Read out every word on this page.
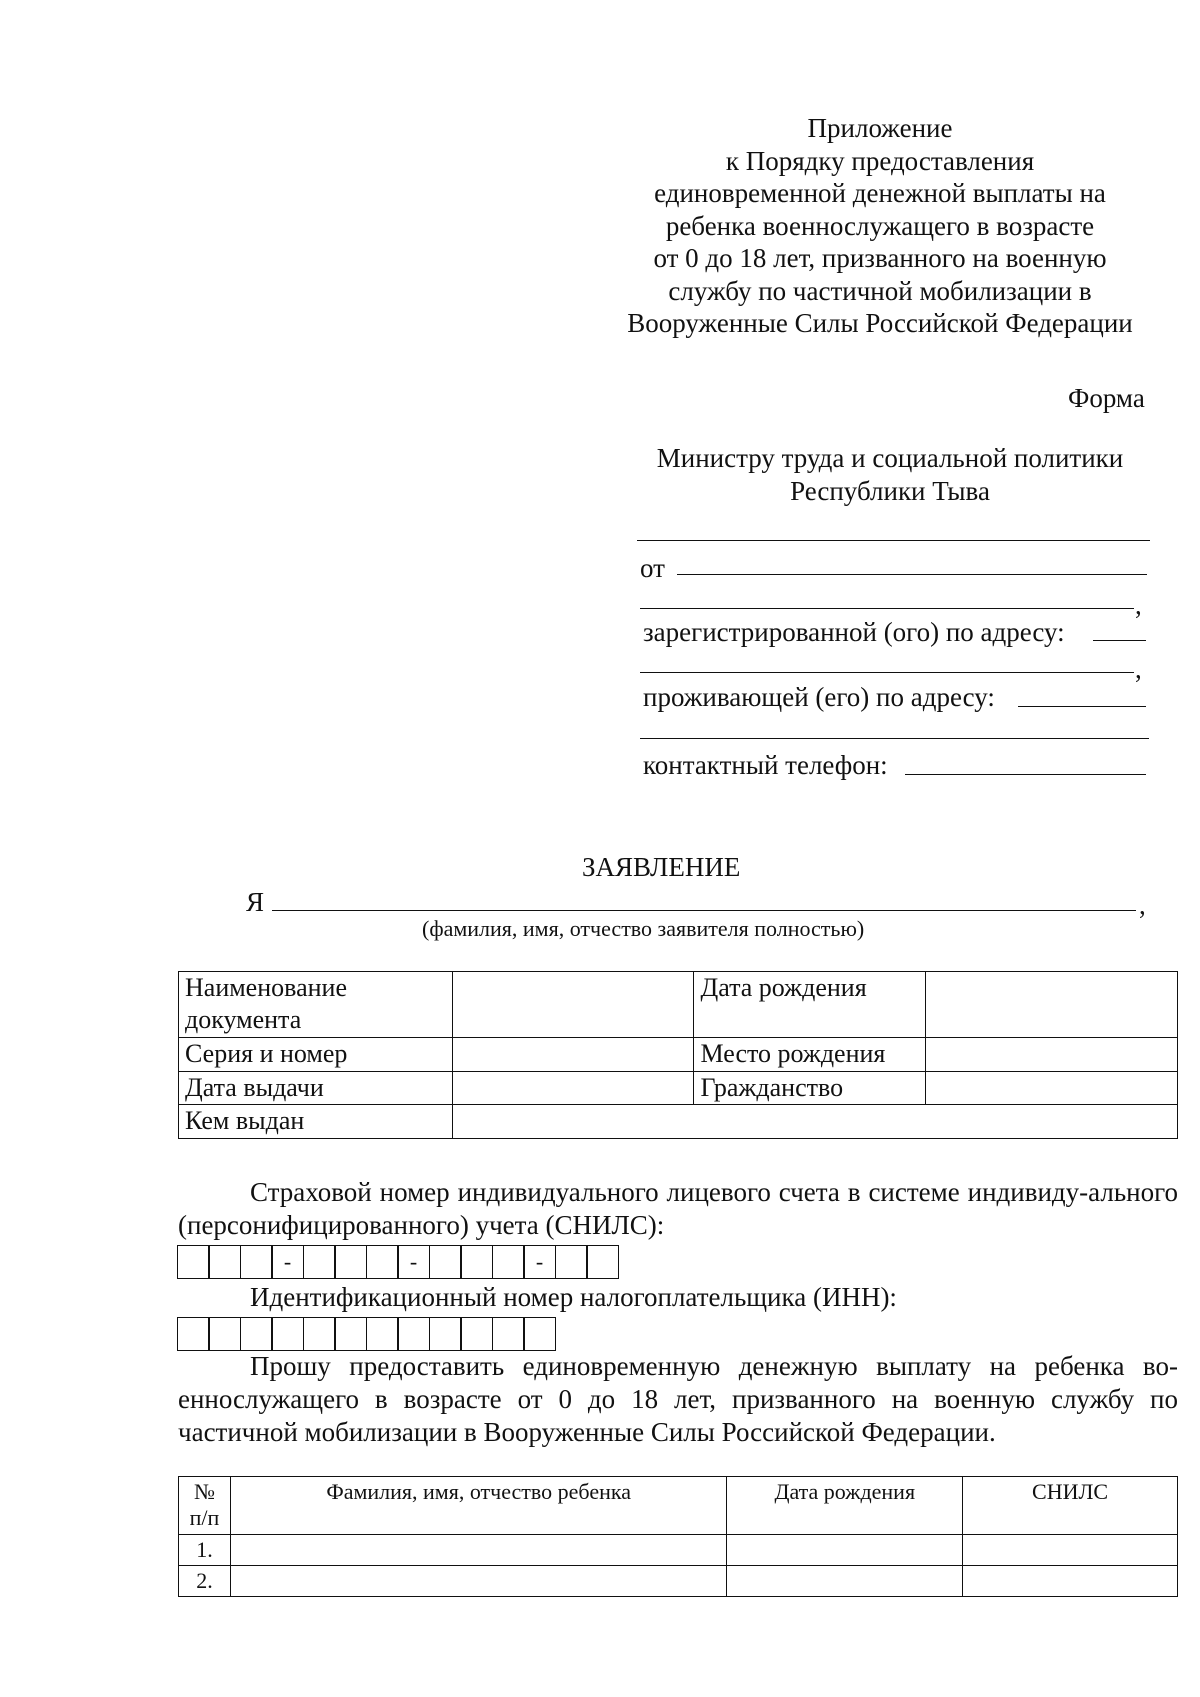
Приложение
к Порядку предоставления
единовременной денежной выплаты на
ребенка военнослужащего в возрасте
от 0 до 18 лет, призванного на военную
службу по частичной мобилизации в
Вооруженные Силы Российской Федерации
Форма
Министру труда и социальной политики
Республики Тыва
от
,
зарегистрированной (ого) по адресу:
,
проживающей (его) по адресу:
контактный телефон:
ЗАЯВЛЕНИЕ
Я	,
(фамилия, имя, отчество заявителя полностью)
Наименование документа		Дата рождения	
Серия и номер		Место рождения	
Дата выдачи		Гражданство	
Кем выдан			
Страховой номер индивидуального лицевого счета в системе индивиду-ального (персонифицированного) учета (СНИЛС):
-	-	-
Идентификационный номер налогоплательщика (ИНН):
Прошу предоставить единовременную денежную выплату на ребенка во-еннослужащего в возрасте от 0 до 18 лет, призванного на военную службу по частичной мобилизации в Вооруженные Силы Российской Федерации.
№ п/п	Фамилия, имя, отчество ребенка	Дата рождения	СНИЛС
1.			
2.			
